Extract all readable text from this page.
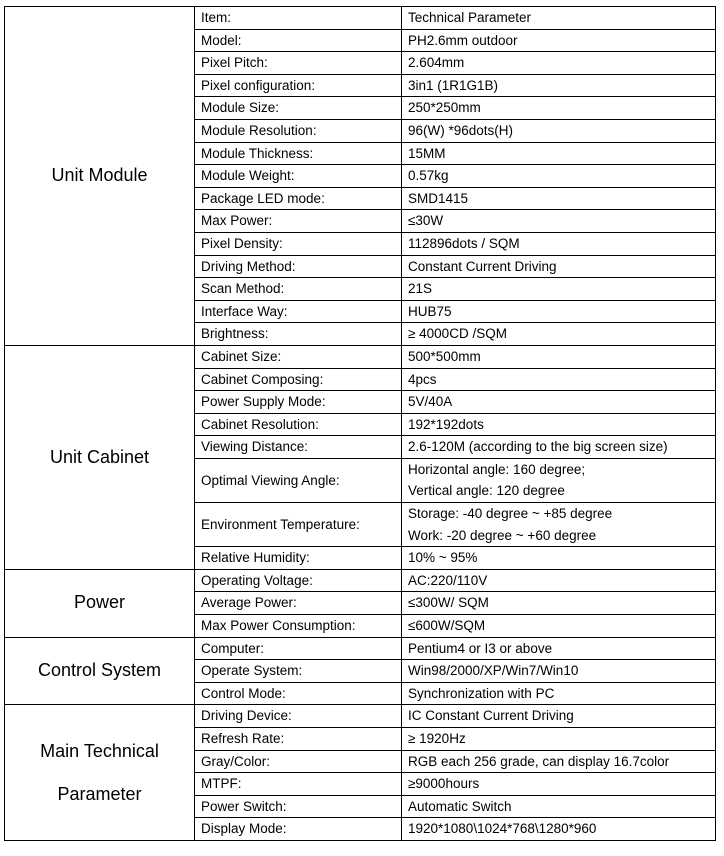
Unit Module	Item:	Technical Parameter
	Model:	PH2.6mm outdoor
	Pixel Pitch:	2.604mm
	Pixel configuration:	3in1 (1R1G1B)
	Module Size:	250*250mm
	Module Resolution:	96(W) *96dots(H)
	Module Thickness:	15MM
	Module Weight:	0.57kg
	Package LED mode:	SMD1415
	Max Power:	≤30W
	Pixel Density:	112896dots / SQM
	Driving Method:	Constant Current Driving
	Scan Method:	21S
	Interface Way:	HUB75
	Brightness:	≥ 4000CD /SQM

Unit Cabinet	Cabinet Size:	500*500mm
	Cabinet Composing:	4pcs
	Power Supply Mode:	5V/40A
	Cabinet Resolution:	192*192dots
	Viewing Distance:	2.6-120M (according to the big screen size)
	Optimal Viewing Angle:	Horizontal angle: 160 degree;
Vertical angle: 120 degree

	Environment Temperature:	Storage: -40 degree ~ +85 degree
Work: -20 degree ~ +60 degree

	Relative Humidity:	10% ~ 95%

Power	Operating Voltage:	AC:220/110V
	Average Power:	≤300W/ SQM
	Max Power Consumption:	≤600W/SQM

Control System	Computer:	Pentium4 or I3 or above
	Operate System:	Win98/2000/XP/Win7/Win10
	Control Mode:	Synchronization with PC

Main Technical
Parameter	Driving Device:	IC Constant Current Driving
	Refresh Rate:	≥ 1920Hz
	Gray/Color:	RGB each 256 grade, can display 16.7color
	MTPF:	≥9000hours
	Power Switch:	Automatic Switch
	Display Mode:	1920*1080\1024*768\1280*960
